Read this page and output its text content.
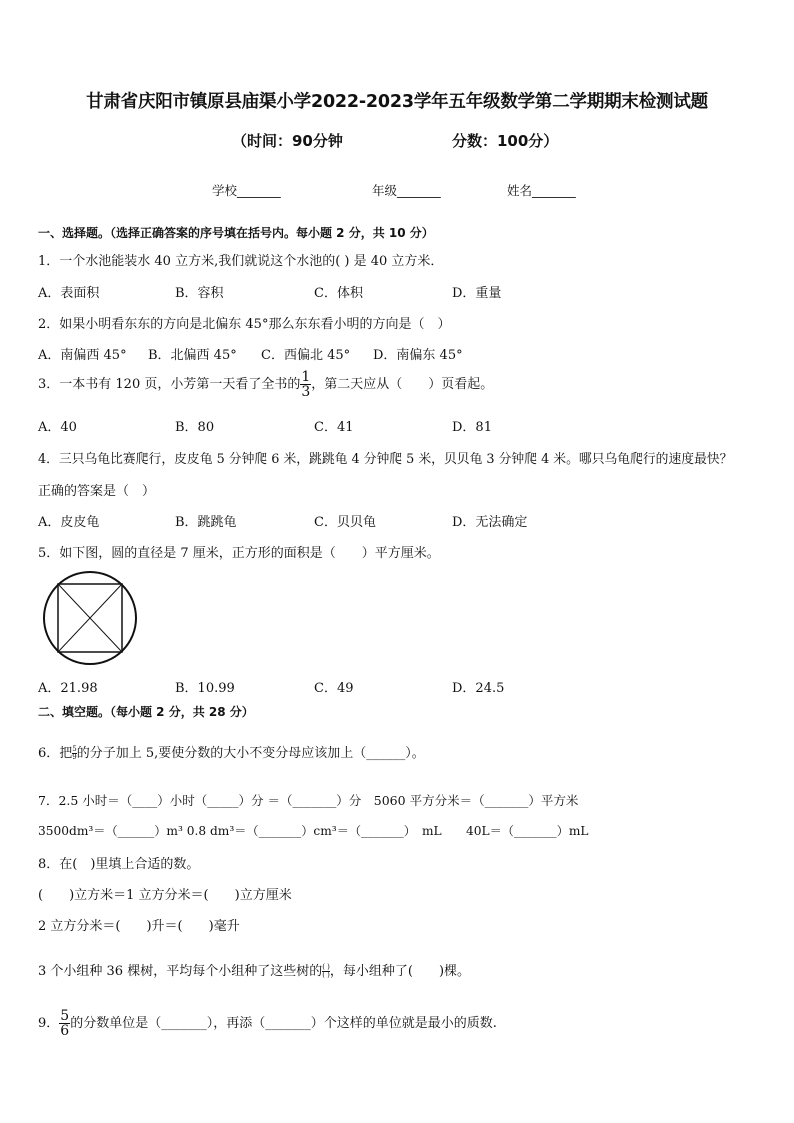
甘肃省庆阳市镇原县庙渠小学2022-2023学年五年级数学第二学期期末检测试题
（时间：90分钟	分数：100分）
学校_______	年级_______	姓名_______
一、选择题。（选择正确答案的序号填在括号内。每小题 2 分，共 10 分）
1．一个水池能装水 40 立方米,我们就说这个水池的( ) 是 40 立方米．
A．表面积	B．容积	C．体积	D．重量
2．如果小明看东东的方向是北偏东 45°那么东东看小明的方向是（　）
A．南偏西 45° B．北偏西 45° C．西偏北 45° D．南偏东 45°
3．一本书有 120 页，小芳第一天看了全书的 $\frac{1}{3}$ ，第二天应从（　　）页看起。
A．40	B．80	C．41	D．81
4．三只乌龟比赛爬行，皮皮龟 5 分钟爬 6 米，跳跳龟 4 分钟爬 5 米，贝贝龟 3 分钟爬 4 米。哪只乌龟爬行的速度最快？
正确的答案是（　）
A．皮皮龟	B．跳跳龟	C．贝贝龟	D．无法确定
5．如下图，圆的直径是 7 厘米，正方形的面积是（　　）平方厘米。
A．21.98	B．10.99	C．49	D．24.5
二、填空题。（每小题 2 分，共 28 分）
6．把 $\frac{5}{9}$ 的分子加上 5,要使分数的大小不变分母应该加上（______）。
7．2.5 小时＝（____）小时（_____）分 ＝（_______）分　5060 平方分米＝（_______）平方米
3500dm³＝（______）m³ 0.8 dm³＝（_______）cm³＝（_______）　mL　　40L＝（_______）mL
8．在(　)里填上合适的数。
(　　)立方米＝1 立方分米＝(　　)立方厘米
2 立方分米＝(　　)升＝(　　)毫升
3 个小组种 36 棵树，平均每个小组种了这些树的 $\frac{( )}{( )}$ ，每小组种了(　　)棵。
9． $\frac{5}{6}$ 的分数单位是（_______），再添（_______）个这样的单位就是最小的质数.
